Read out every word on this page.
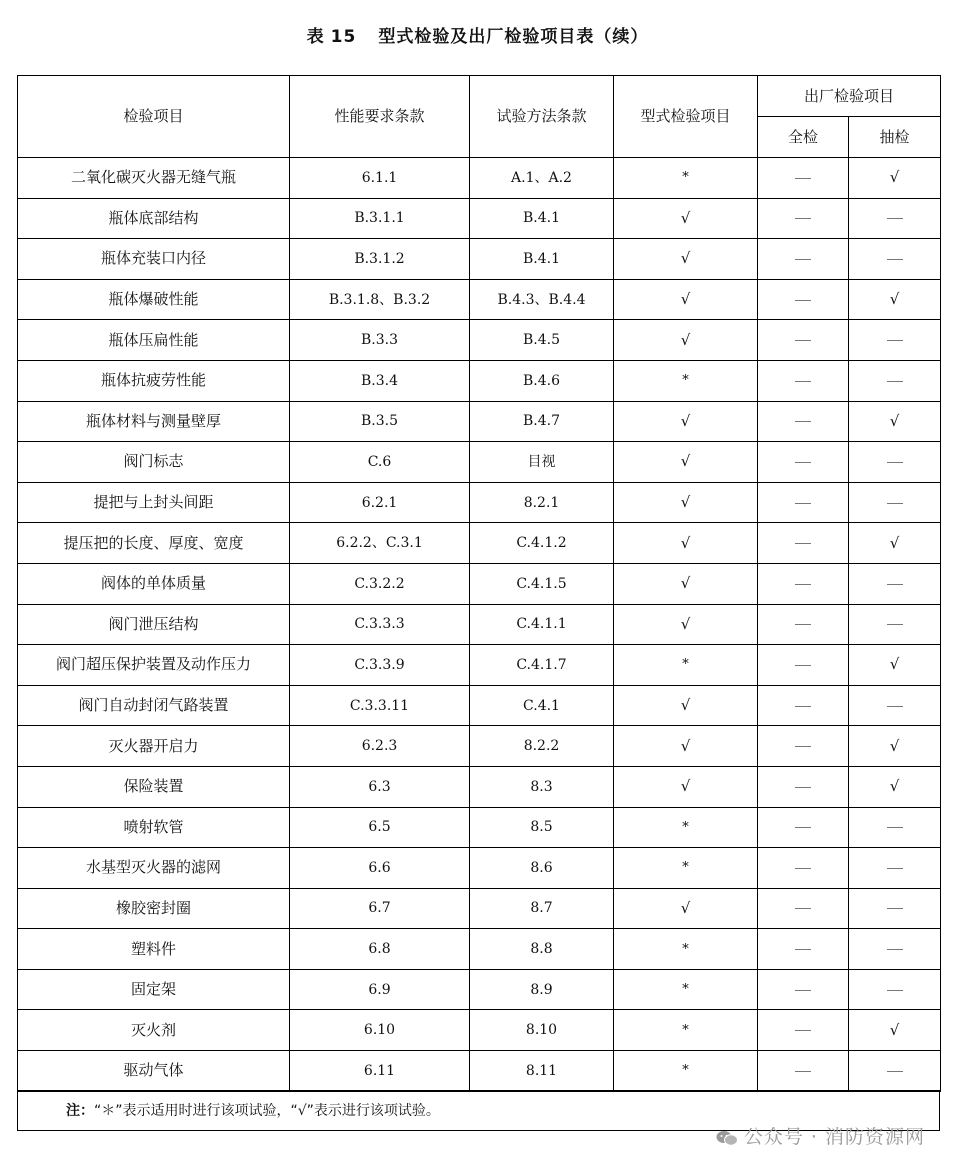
表 15 型式检验及出厂检验项目表（续）
检验项目	性能要求条款	试验方法条款	型式检验项目	出厂检验项目	
				全检	抽检
二氧化碳灭火器无缝气瓶	6.1.1	A.1、A.2	*		√
瓶体底部结构	B.3.1.1	B.4.1	√		
瓶体充装口内径	B.3.1.2	B.4.1	√		
瓶体爆破性能	B.3.1.8、B.3.2	B.4.3、B.4.4	√		√
瓶体压扁性能	B.3.3	B.4.5	√		
瓶体抗疲劳性能	B.3.4	B.4.6	*		
瓶体材料与测量壁厚	B.3.5	B.4.7	√		√
阀门标志	C.6	目视	√		
提把与上封头间距	6.2.1	8.2.1	√		
提压把的长度、厚度、宽度	6.2.2、C.3.1	C.4.1.2	√		√
阀体的单体质量	C.3.2.2	C.4.1.5	√		
阀门泄压结构	C.3.3.3	C.4.1.1	√		
阀门超压保护装置及动作压力	C.3.3.9	C.4.1.7	*		√
阀门自动封闭气路装置	C.3.3.11	C.4.1	√		
灭火器开启力	6.2.3	8.2.2	√		√
保险装置	6.3	8.3	√		√
喷射软管	6.5	8.5	*		
水基型灭火器的滤网	6.6	8.6	*		
橡胶密封圈	6.7	8.7	√		
塑料件	6.8	8.8	*		
固定架	6.9	8.9	*		
灭火剂	6.10	8.10	*		√
驱动气体	6.11	8.11	*		
注：“＊”表示适用时进行该项试验，“√”表示进行该项试验。
公众号 · 消防资源网
